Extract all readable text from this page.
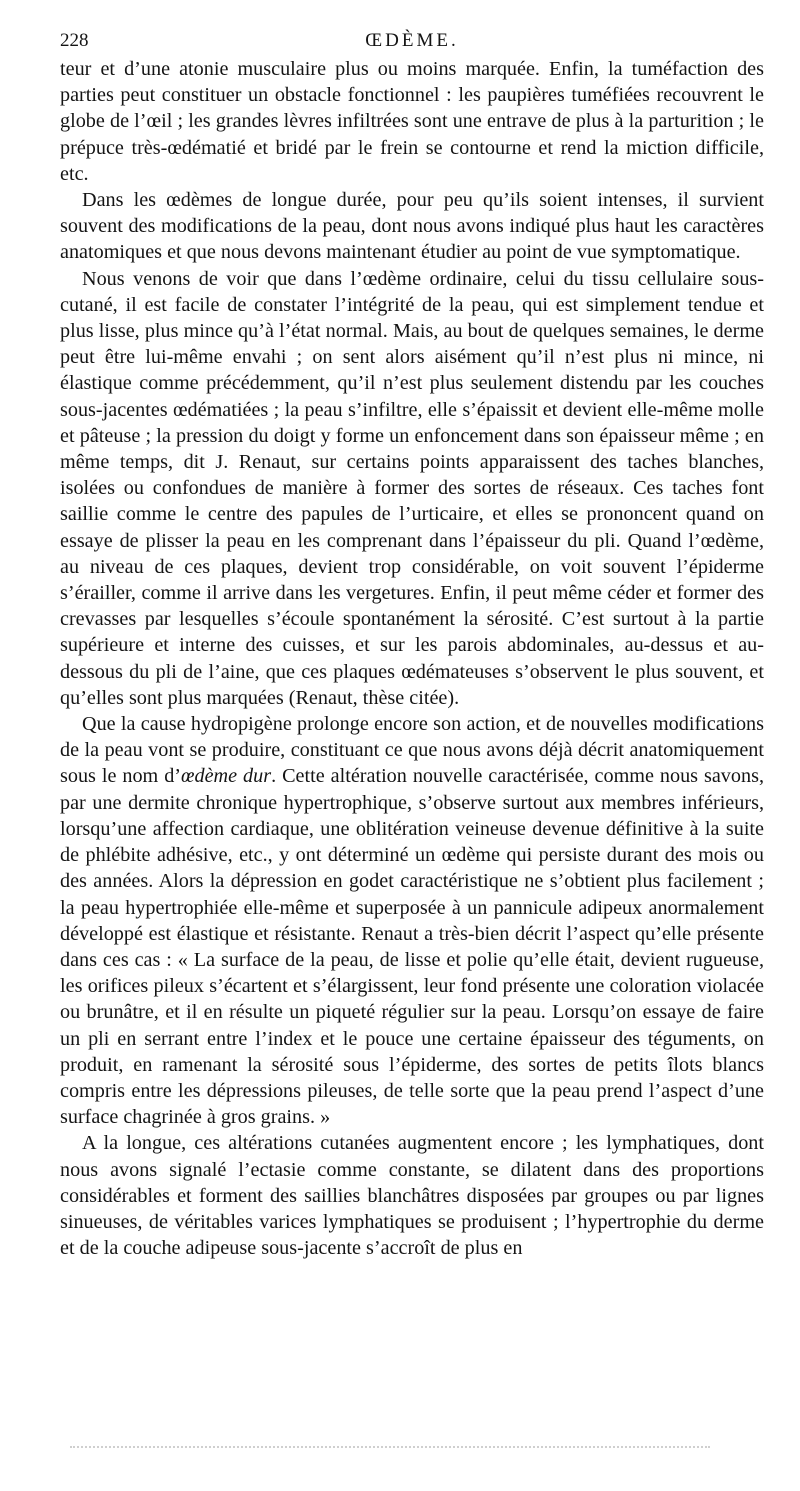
228	ŒDÈME.

teur et d’une atonie musculaire plus ou moins marquée. Enfin, la tuméfaction des parties peut constituer un obstacle fonctionnel : les paupières tuméfiées recouvrent le globe de l’œil ; les grandes lèvres infiltrées sont une entrave de plus à la parturition ; le prépuce très-œdématié et bridé par le frein se contourne et rend la miction difficile, etc.

Dans les œdèmes de longue durée, pour peu qu’ils soient intenses, il survient souvent des modifications de la peau, dont nous avons indiqué plus haut les caractères anatomiques et que nous devons maintenant étudier au point de vue symptomatique.

Nous venons de voir que dans l’œdème ordinaire, celui du tissu cellulaire sous-cutané, il est facile de constater l’intégrité de la peau, qui est simplement tendue et plus lisse, plus mince qu’à l’état normal. Mais, au bout de quelques semaines, le derme peut être lui-même envahi ; on sent alors aisément qu’il n’est plus ni mince, ni élastique comme précédemment, qu’il n’est plus seulement distendu par les couches sous-jacentes œdématiées ; la peau s’infiltre, elle s’épaissit et devient elle-même molle et pâteuse ; la pression du doigt y forme un enfoncement dans son épaisseur même ; en même temps, dit J. Renaut, sur certains points apparaissent des taches blanches, isolées ou confondues de manière à former des sortes de réseaux. Ces taches font saillie comme le centre des papules de l’urticaire, et elles se prononcent quand on essaye de plisser la peau en les comprenant dans l’épaisseur du pli. Quand l’œdème, au niveau de ces plaques, devient trop considérable, on voit souvent l’épiderme s’érailler, comme il arrive dans les vergetures. Enfin, il peut même céder et former des crevasses par lesquelles s’écoule spontanément la sérosité. C’est surtout à la partie supérieure et interne des cuisses, et sur les parois abdominales, au-dessus et au-dessous du pli de l’aine, que ces plaques œdémateuses s’observent le plus souvent, et qu’elles sont plus marquées (Renaut, thèse citée).

Que la cause hydropigène prolonge encore son action, et de nouvelles modifications de la peau vont se produire, constituant ce que nous avons déjà décrit anatomiquement sous le nom d’œdème dur. Cette altération nouvelle caractérisée, comme nous savons, par une dermite chronique hypertrophique, s’observe surtout aux membres inférieurs, lorsqu’une affection cardiaque, une oblitération veineuse devenue définitive à la suite de phlébite adhésive, etc., y ont déterminé un œdème qui persiste durant des mois ou des années. Alors la dépression en godet caractéristique ne s’obtient plus facilement ; la peau hypertrophiée elle-même et superposée à un pannicule adipeux anormalement développé est élastique et résistante. Renaut a très-bien décrit l’aspect qu’elle présente dans ces cas : « La surface de la peau, de lisse et polie qu’elle était, devient rugueuse, les orifices pileux s’écartent et s’élargissent, leur fond présente une coloration violacée ou brunâtre, et il en résulte un piqueté régulier sur la peau. Lorsqu’on essaye de faire un pli en serrant entre l’index et le pouce une certaine épaisseur des téguments, on produit, en ramenant la sérosité sous l’épiderme, des sortes de petits îlots blancs compris entre les dépressions pileuses, de telle sorte que la peau prend l’aspect d’une surface chagrinée à gros grains. »

A la longue, ces altérations cutanées augmentent encore ; les lymphatiques, dont nous avons signalé l’ectasie comme constante, se dilatent dans des proportions considérables et forment des saillies blanchâtres disposées par groupes ou par lignes sinueuses, de véritables varices lymphatiques se produisent ; l’hypertrophie du derme et de la couche adipeuse sous-jacente s’accroît de plus en
